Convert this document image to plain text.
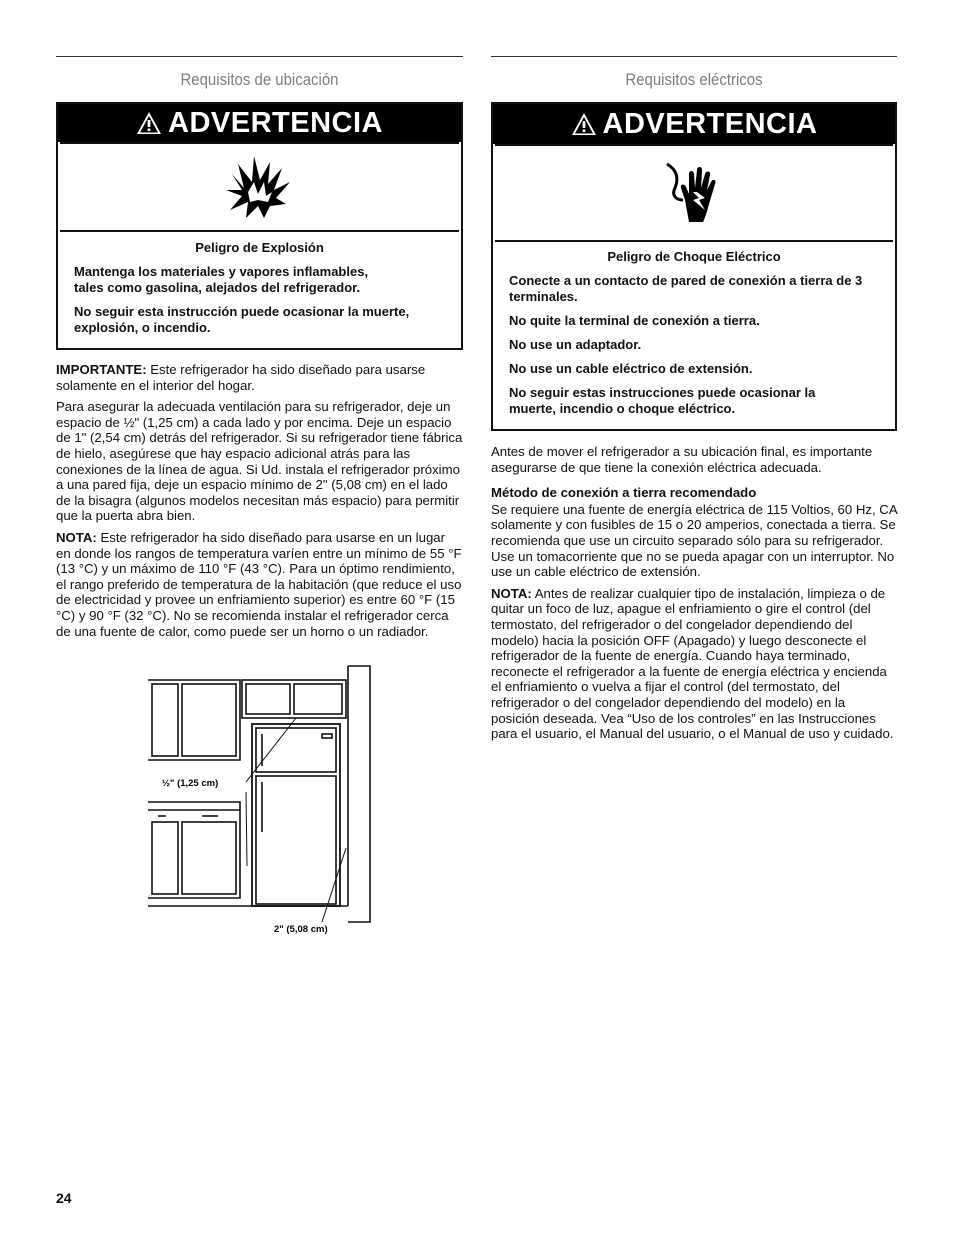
Requisitos de ubicación
ADVERTENCIA
Peligro de Explosión

Mantenga los materiales y vapores inflamables, tales como gasolina, alejados del refrigerador.

No seguir esta instrucción puede ocasionar la muerte, explosión, o incendio.

IMPORTANTE: Este refrigerador ha sido diseñado para usarse solamente en el interior del hogar.

Para asegurar la adecuada ventilación para su refrigerador, deje un espacio de ½" (1,25 cm) a cada lado y por encima. Deje un espacio de 1" (2,54 cm) detrás del refrigerador. Si su refrigerador tiene fábrica de hielo, asegúrese que hay espacio adicional atrás para las conexiones de la línea de agua. Si Ud. instala el refrigerador próximo a una pared fija, deje un espacio mínimo de 2" (5,08 cm) en el lado de la bisagra (algunos modelos necesitan más espacio) para permitir que la puerta abra bien.

NOTA: Este refrigerador ha sido diseñado para usarse en un lugar en donde los rangos de temperatura varíen entre un mínimo de 55 °F (13 °C) y un máximo de 110 °F (43 °C). Para un óptimo rendimiento, el rango preferido de temperatura de la habitación (que reduce el uso de electricidad y provee un enfriamiento superior) es entre 60 °F (15 °C) y 90 °F (32 °C). No se recomienda instalar el refrigerador cerca de una fuente de calor, como puede ser un horno o un radiador.

½" (1,25 cm)
2" (5,08 cm)
Requisitos eléctricos
ADVERTENCIA
Peligro de Choque Eléctrico

Conecte a un contacto de pared de conexión a tierra de 3 terminales.

No quite la terminal de conexión a tierra.

No use un adaptador.

No use un cable eléctrico de extensión.

No seguir estas instrucciones puede ocasionar la muerte, incendio o choque eléctrico.

Antes de mover el refrigerador a su ubicación final, es importante asegurarse de que tiene la conexión eléctrica adecuada.

Método de conexión a tierra recomendado

Se requiere una fuente de energía eléctrica de 115 Voltios, 60 Hz, CA solamente y con fusibles de 15 o 20 amperios, conectada a tierra. Se recomienda que use un circuito separado sólo para su refrigerador. Use un tomacorriente que no se pueda apagar con un interruptor. No use un cable eléctrico de extensión.

NOTA: Antes de realizar cualquier tipo de instalación, limpieza o de quitar un foco de luz, apague el enfriamiento o gire el control (del termostato, del refrigerador o del congelador dependiendo del modelo) hacia la posición OFF (Apagado) y luego desconecte el refrigerador de la fuente de energía. Cuando haya terminado, reconecte el refrigerador a la fuente de energía eléctrica y encienda el enfriamiento o vuelva a fijar el control (del termostato, del refrigerador o del congelador dependiendo del modelo) en la posición deseada. Vea “Uso de los controles” en las Instrucciones para el usuario, el Manual del usuario, o el Manual de uso y cuidado.

24
